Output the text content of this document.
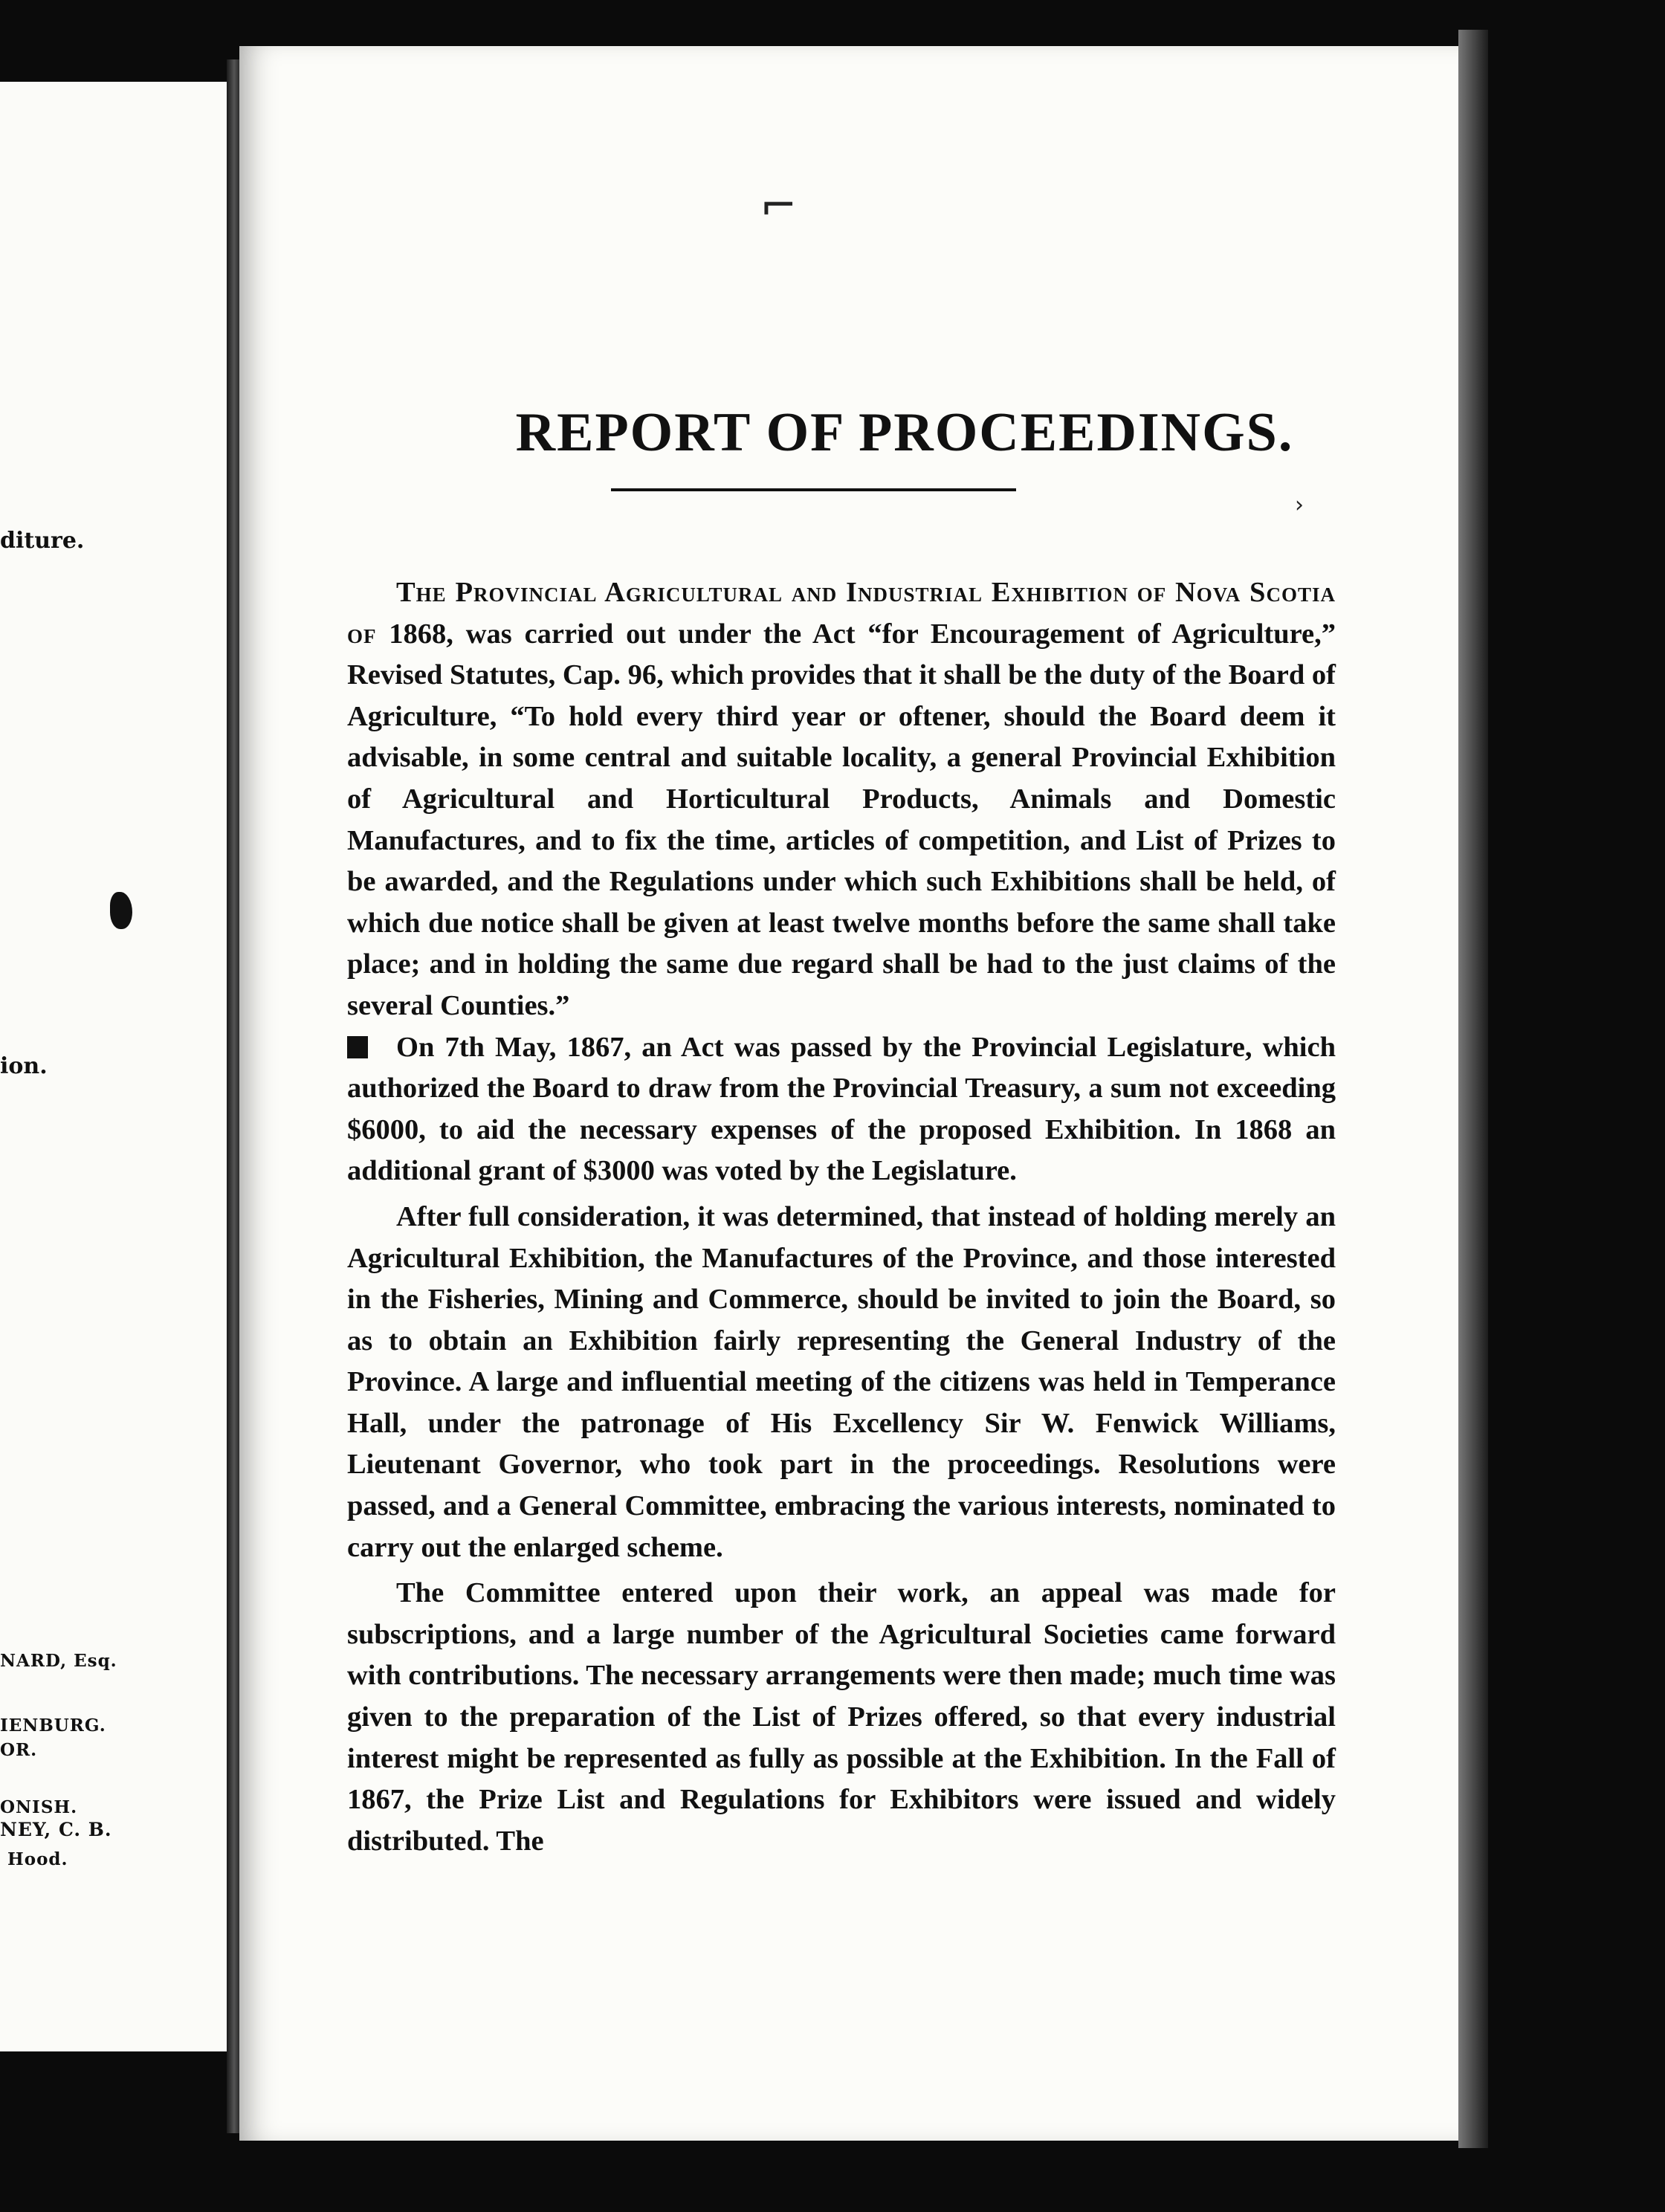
diture.
ion.
NARD, Esq.
IENBURG.
OR.
ONISH.
NEY, C. B.
Hood.
REPORT OF PROCEEDINGS.
⌐
›

The Provincial Agricultural and Industrial Exhibition of Nova Scotia of 1868, was carried out under the Act “for Encouragement of Agriculture,” Revised Statutes, Cap. 96, which provides that it shall be the duty of the Board of Agriculture, “To hold every third year or oftener, should the Board deem it advisable, in some central and suitable locality, a general Provincial Exhibition of Agricultural and Horticultural Products, Animals and Domestic Manufactures, and to fix the time, articles of competition, and List of Prizes to be awarded, and the Regulations under which such Exhibitions shall be held, of which due notice shall be given at least twelve months before the same shall take place; and in holding the same due regard shall be had to the just claims of the several Counties.”

On 7th May, 1867, an Act was passed by the Provincial Legislature, which authorized the Board to draw from the Provincial Treasury, a sum not exceeding $6000, to aid the necessary expenses of the proposed Exhibition. In 1868 an additional grant of $3000 was voted by the Legislature.

After full consideration, it was determined, that instead of holding merely an Agricultural Exhibition, the Manufactures of the Province, and those interested in the Fisheries, Mining and Commerce, should be invited to join the Board, so as to obtain an Exhibition fairly representing the General Industry of the Province. A large and influential meeting of the citizens was held in Temperance Hall, under the patronage of His Excellency Sir W. Fenwick Williams, Lieutenant Governor, who took part in the proceedings. Resolutions were passed, and a General Committee, embracing the various interests, nominated to carry out the enlarged scheme.

The Committee entered upon their work, an appeal was made for subscriptions, and a large number of the Agricultural Societies came forward with contributions. The necessary arrangements were then made; much time was given to the preparation of the List of Prizes offered, so that every industrial interest might be represented as fully as possible at the Exhibition. In the Fall of 1867, the Prize List and Regulations for Exhibitors were issued and widely distributed. The
